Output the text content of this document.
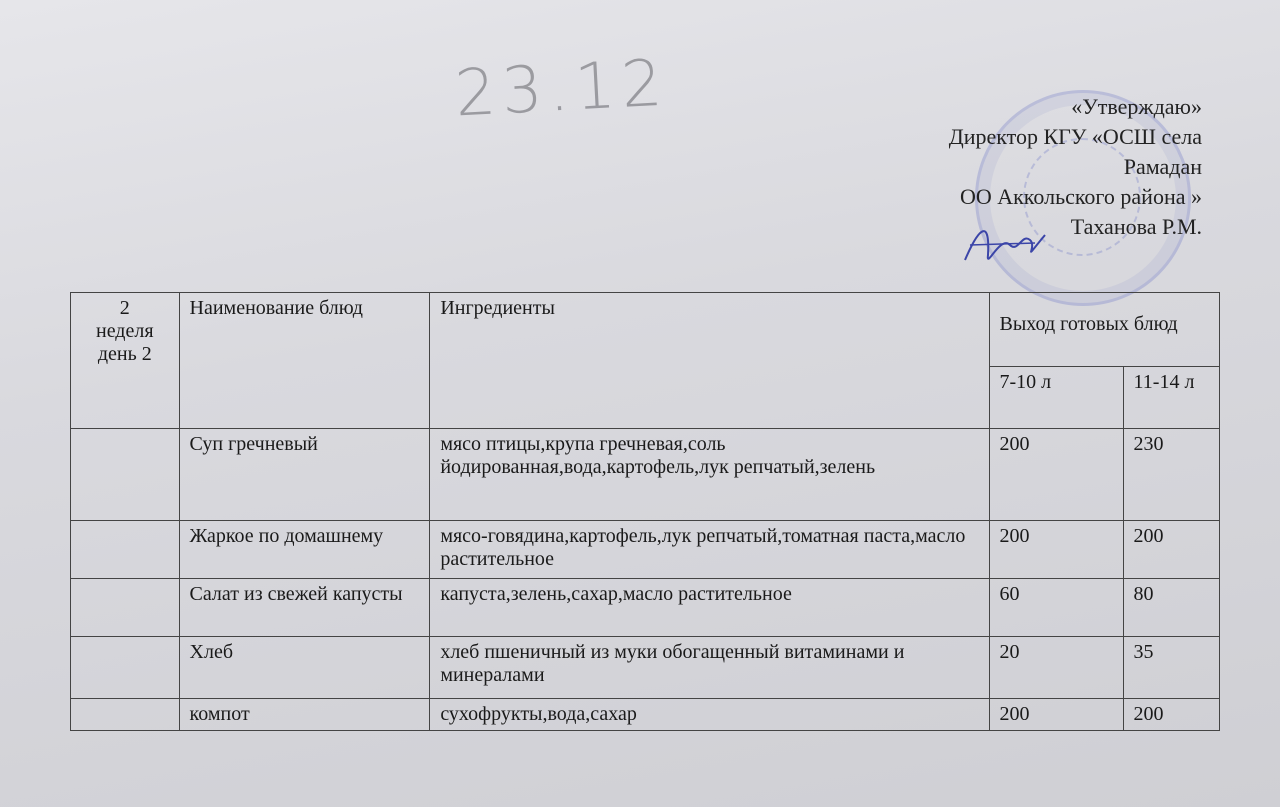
23.12	«Утверждаю»
Директор КГУ «ОСШ села
Рамадан
ОО Аккольского района »
Таханова Р.М.
2
неделя
день 2	Наименование блюд	Ингредиенты	Выход готовых блюд	
			7-10 л	11-14 л
	Суп гречневый	мясо птицы,крупа гречневая,соль йодированная,вода,картофель,лук репчатый,зелень	200	230
	Жаркое по домашнему	мясо-говядина,картофель,лук репчатый,томатная паста,масло растительное	200	200
	Салат из свежей капусты	капуста,зелень,сахар,масло растительное	60	80
	Хлеб	хлеб пшеничный из муки обогащенный витаминами и минералами	20	35
	компот	сухофрукты,вода,сахар	200	200
